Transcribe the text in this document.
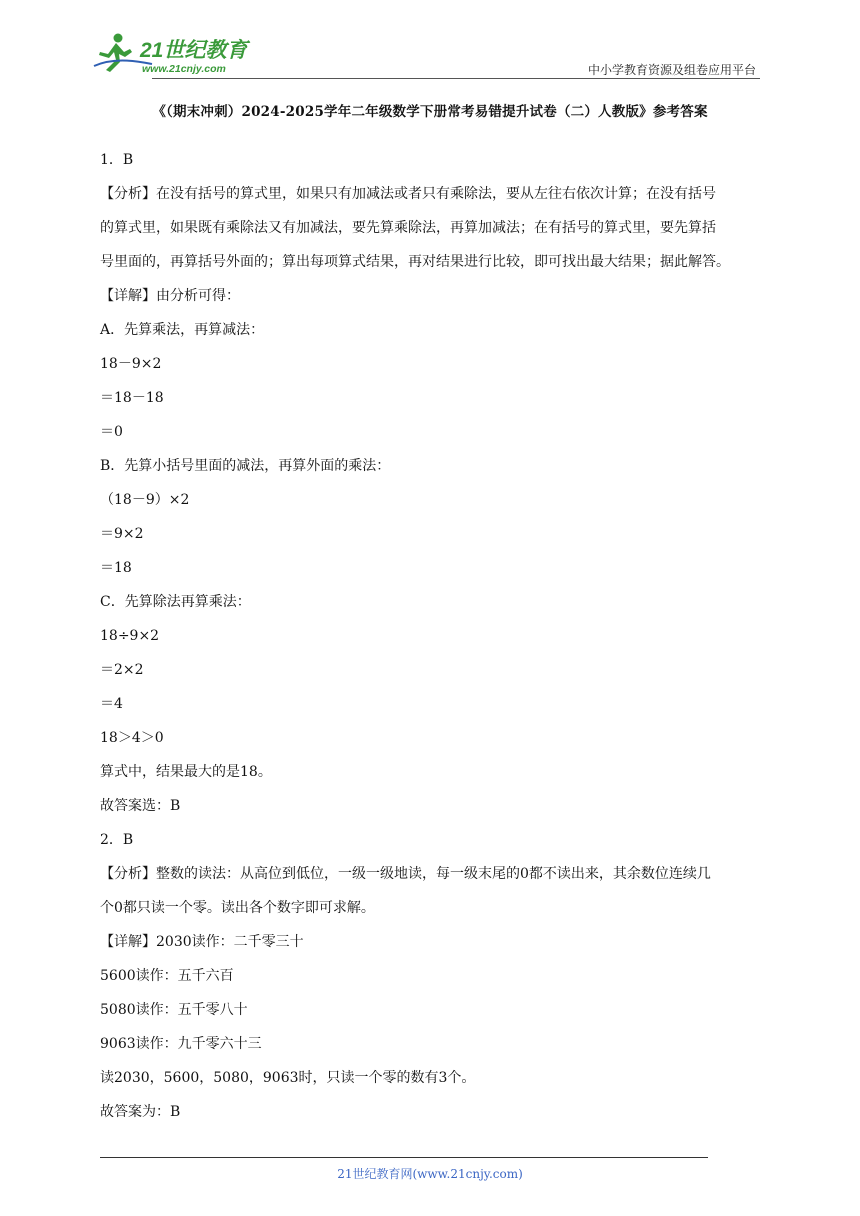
21世纪教育
www.21cnjy.com	中小学教育资源及组卷应用平台
《（期末冲刺）2024-2025学年二年级数学下册常考易错提升试卷（二）人教版》参考答案
1．B
【分析】在没有括号的算式里，如果只有加减法或者只有乘除法，要从左往右依次计算；在没有括号
的算式里，如果既有乘除法又有加减法，要先算乘除法，再算加减法；在有括号的算式里，要先算括
号里面的，再算括号外面的；算出每项算式结果，再对结果进行比较，即可找出最大结果；据此解答。
【详解】由分析可得：
A．先算乘法，再算减法：
18－9×2
＝18－18
＝0
B．先算小括号里面的减法，再算外面的乘法：
（18－9）×2
＝9×2
＝18
C．先算除法再算乘法：
18÷9×2
＝2×2
＝4
18＞4＞0
算式中，结果最大的是18。
故答案选：B
2．B
【分析】整数的读法：从高位到低位，一级一级地读，每一级末尾的0都不读出来，其余数位连续几
个0都只读一个零。读出各个数字即可求解。
【详解】2030读作：二千零三十
5600读作：五千六百
5080读作：五千零八十
9063读作：九千零六十三
读2030，5600，5080，9063时，只读一个零的数有3个。
故答案为：B
21世纪教育网(www.21cnjy.com)
